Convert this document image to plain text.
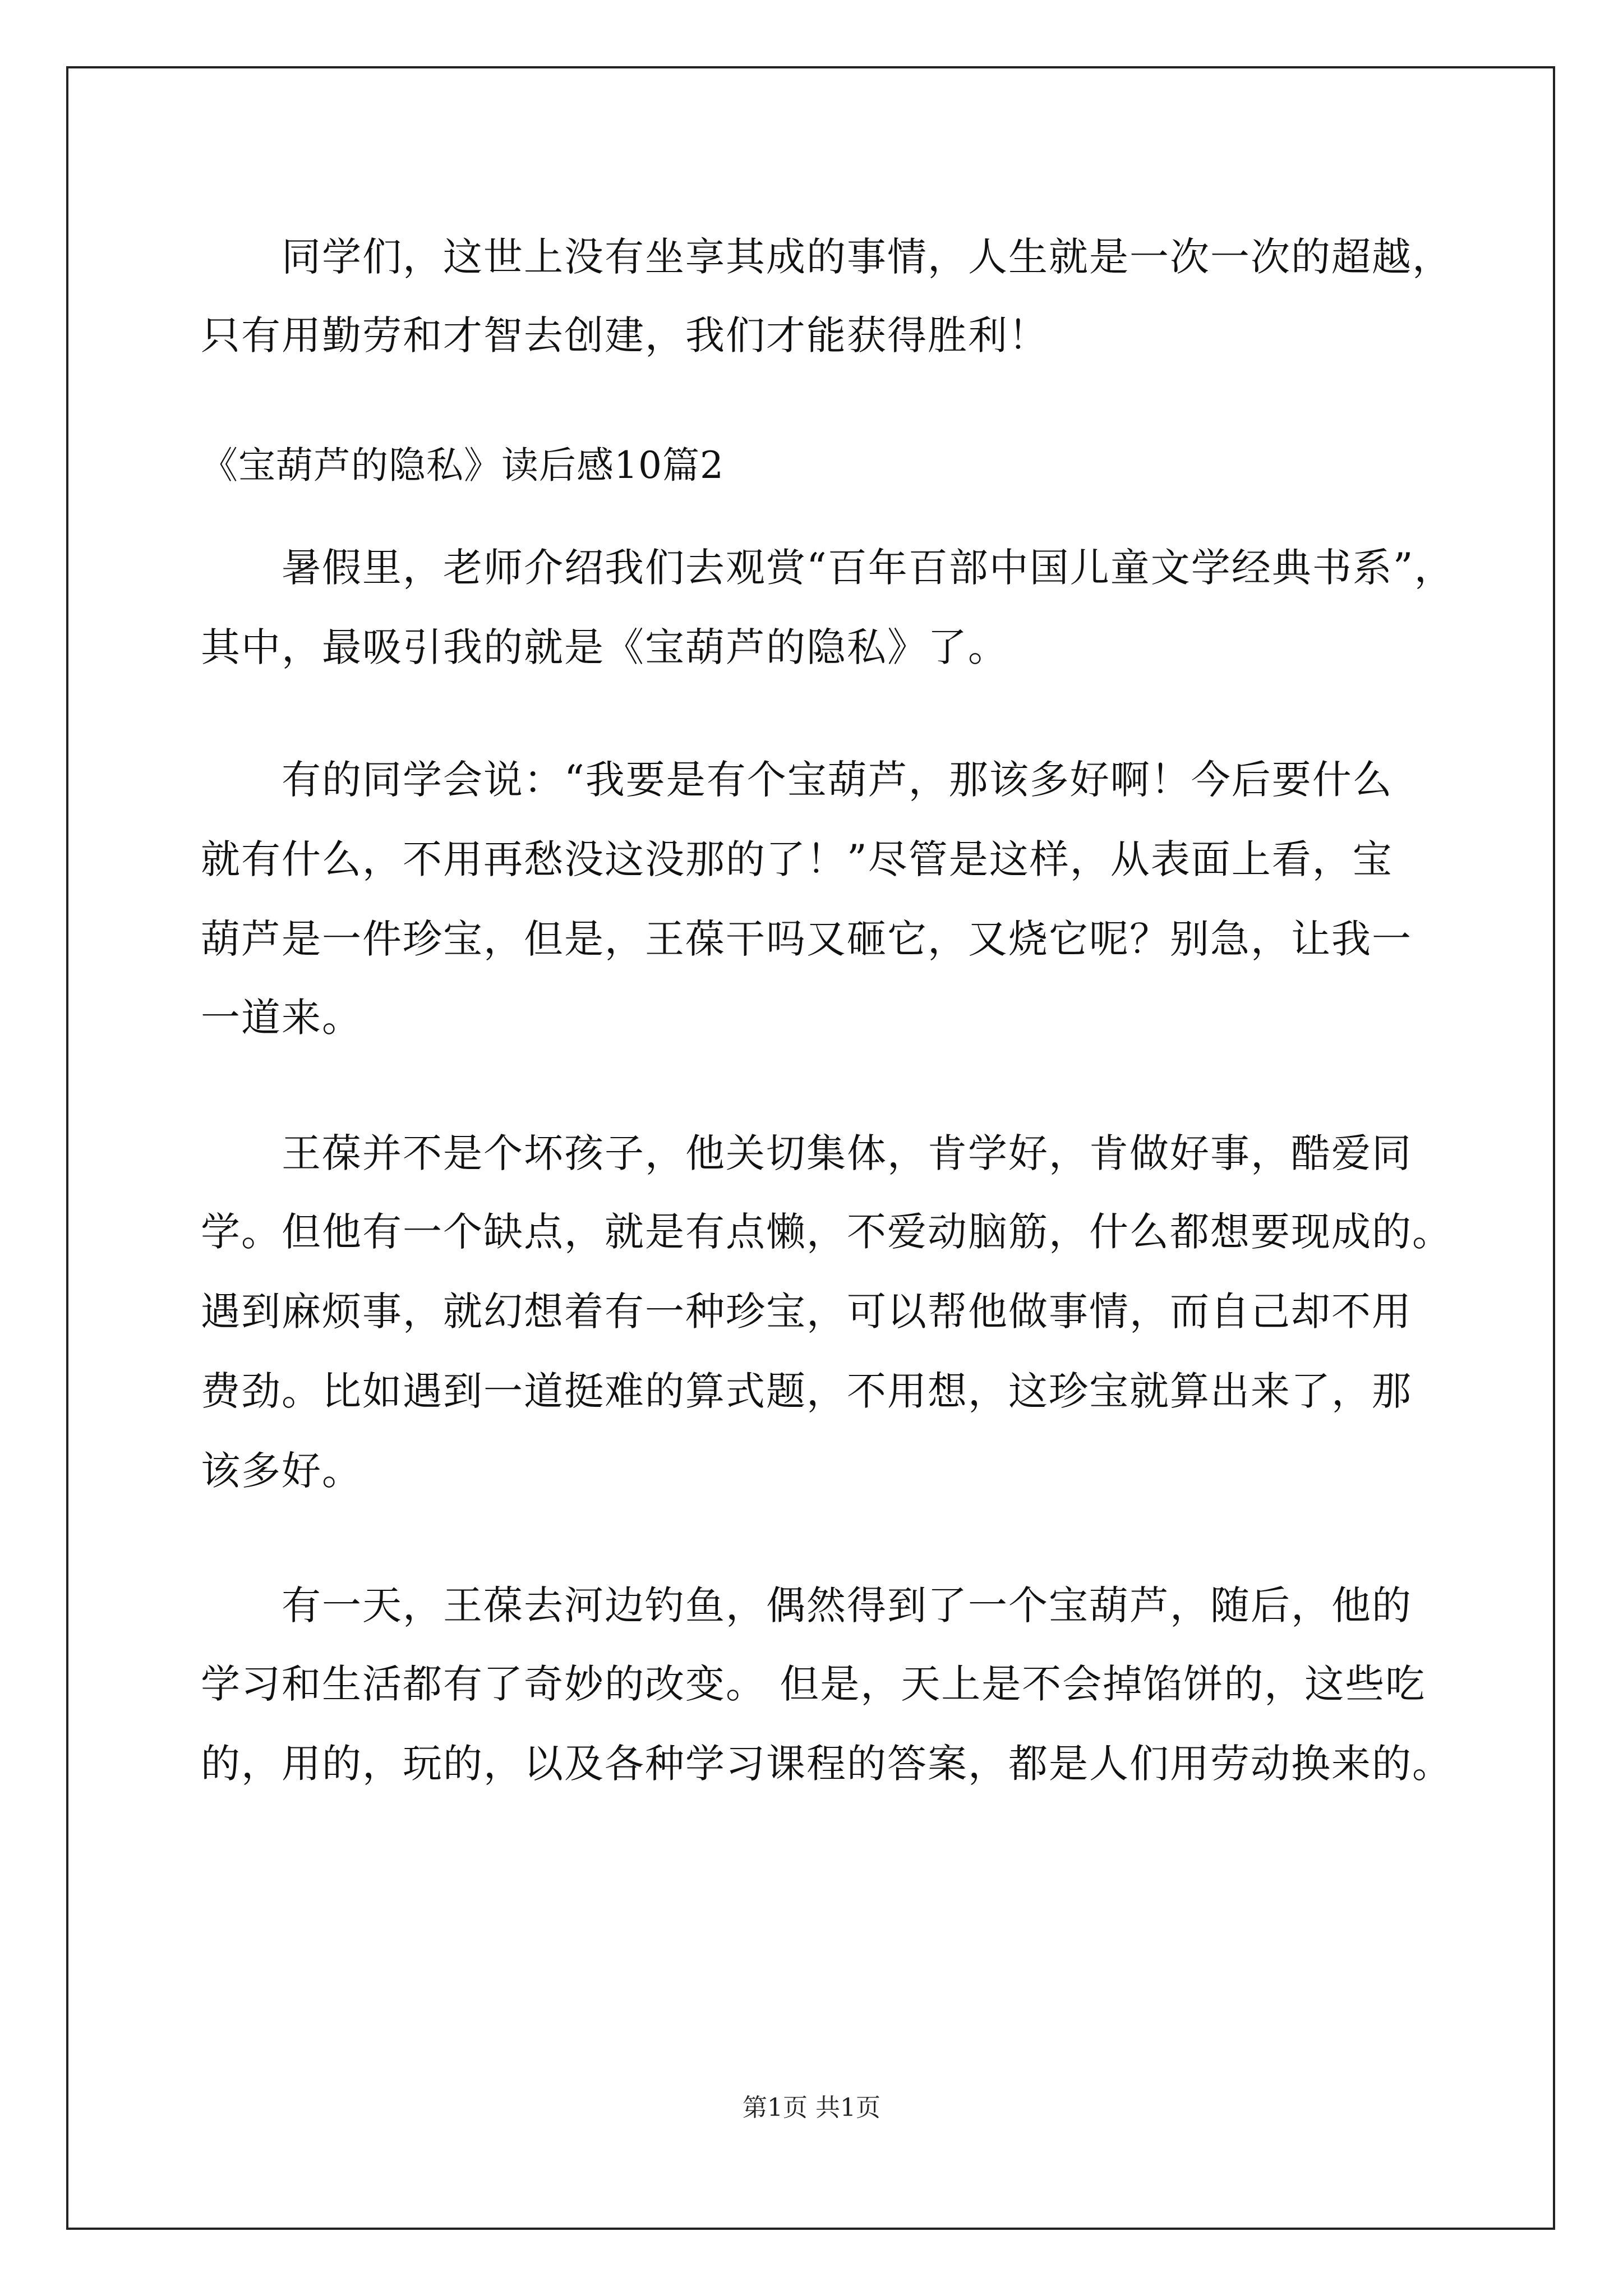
同学们，这世上没有坐享其成的事情，人生就是一次一次的超越，
只有用勤劳和才智去创建，我们才能获得胜利！
《宝葫芦的隐私》读后感10篇2
暑假里，老师介绍我们去观赏“百年百部中国儿童文学经典书系”，
其中，最吸引我的就是《宝葫芦的隐私》了。
有的同学会说：“我要是有个宝葫芦，那该多好啊！今后要什么
就有什么，不用再愁没这没那的了！”尽管是这样，从表面上看，宝
葫芦是一件珍宝，但是，王葆干吗又砸它，又烧它呢？别急，让我一
一道来。
王葆并不是个坏孩子，他关切集体，肯学好，肯做好事，酷爱同
学。但他有一个缺点，就是有点懒，不爱动脑筋，什么都想要现成的。
遇到麻烦事，就幻想着有一种珍宝，可以帮他做事情，而自己却不用
费劲。比如遇到一道挺难的算式题，不用想，这珍宝就算出来了，那
该多好。
有一天，王葆去河边钓鱼，偶然得到了一个宝葫芦，随后，他的
学习和生活都有了奇妙的改变。 但是，天上是不会掉馅饼的，这些吃
的，用的，玩的，以及各种学习课程的答案，都是人们用劳动换来的。
第1页 共1页
